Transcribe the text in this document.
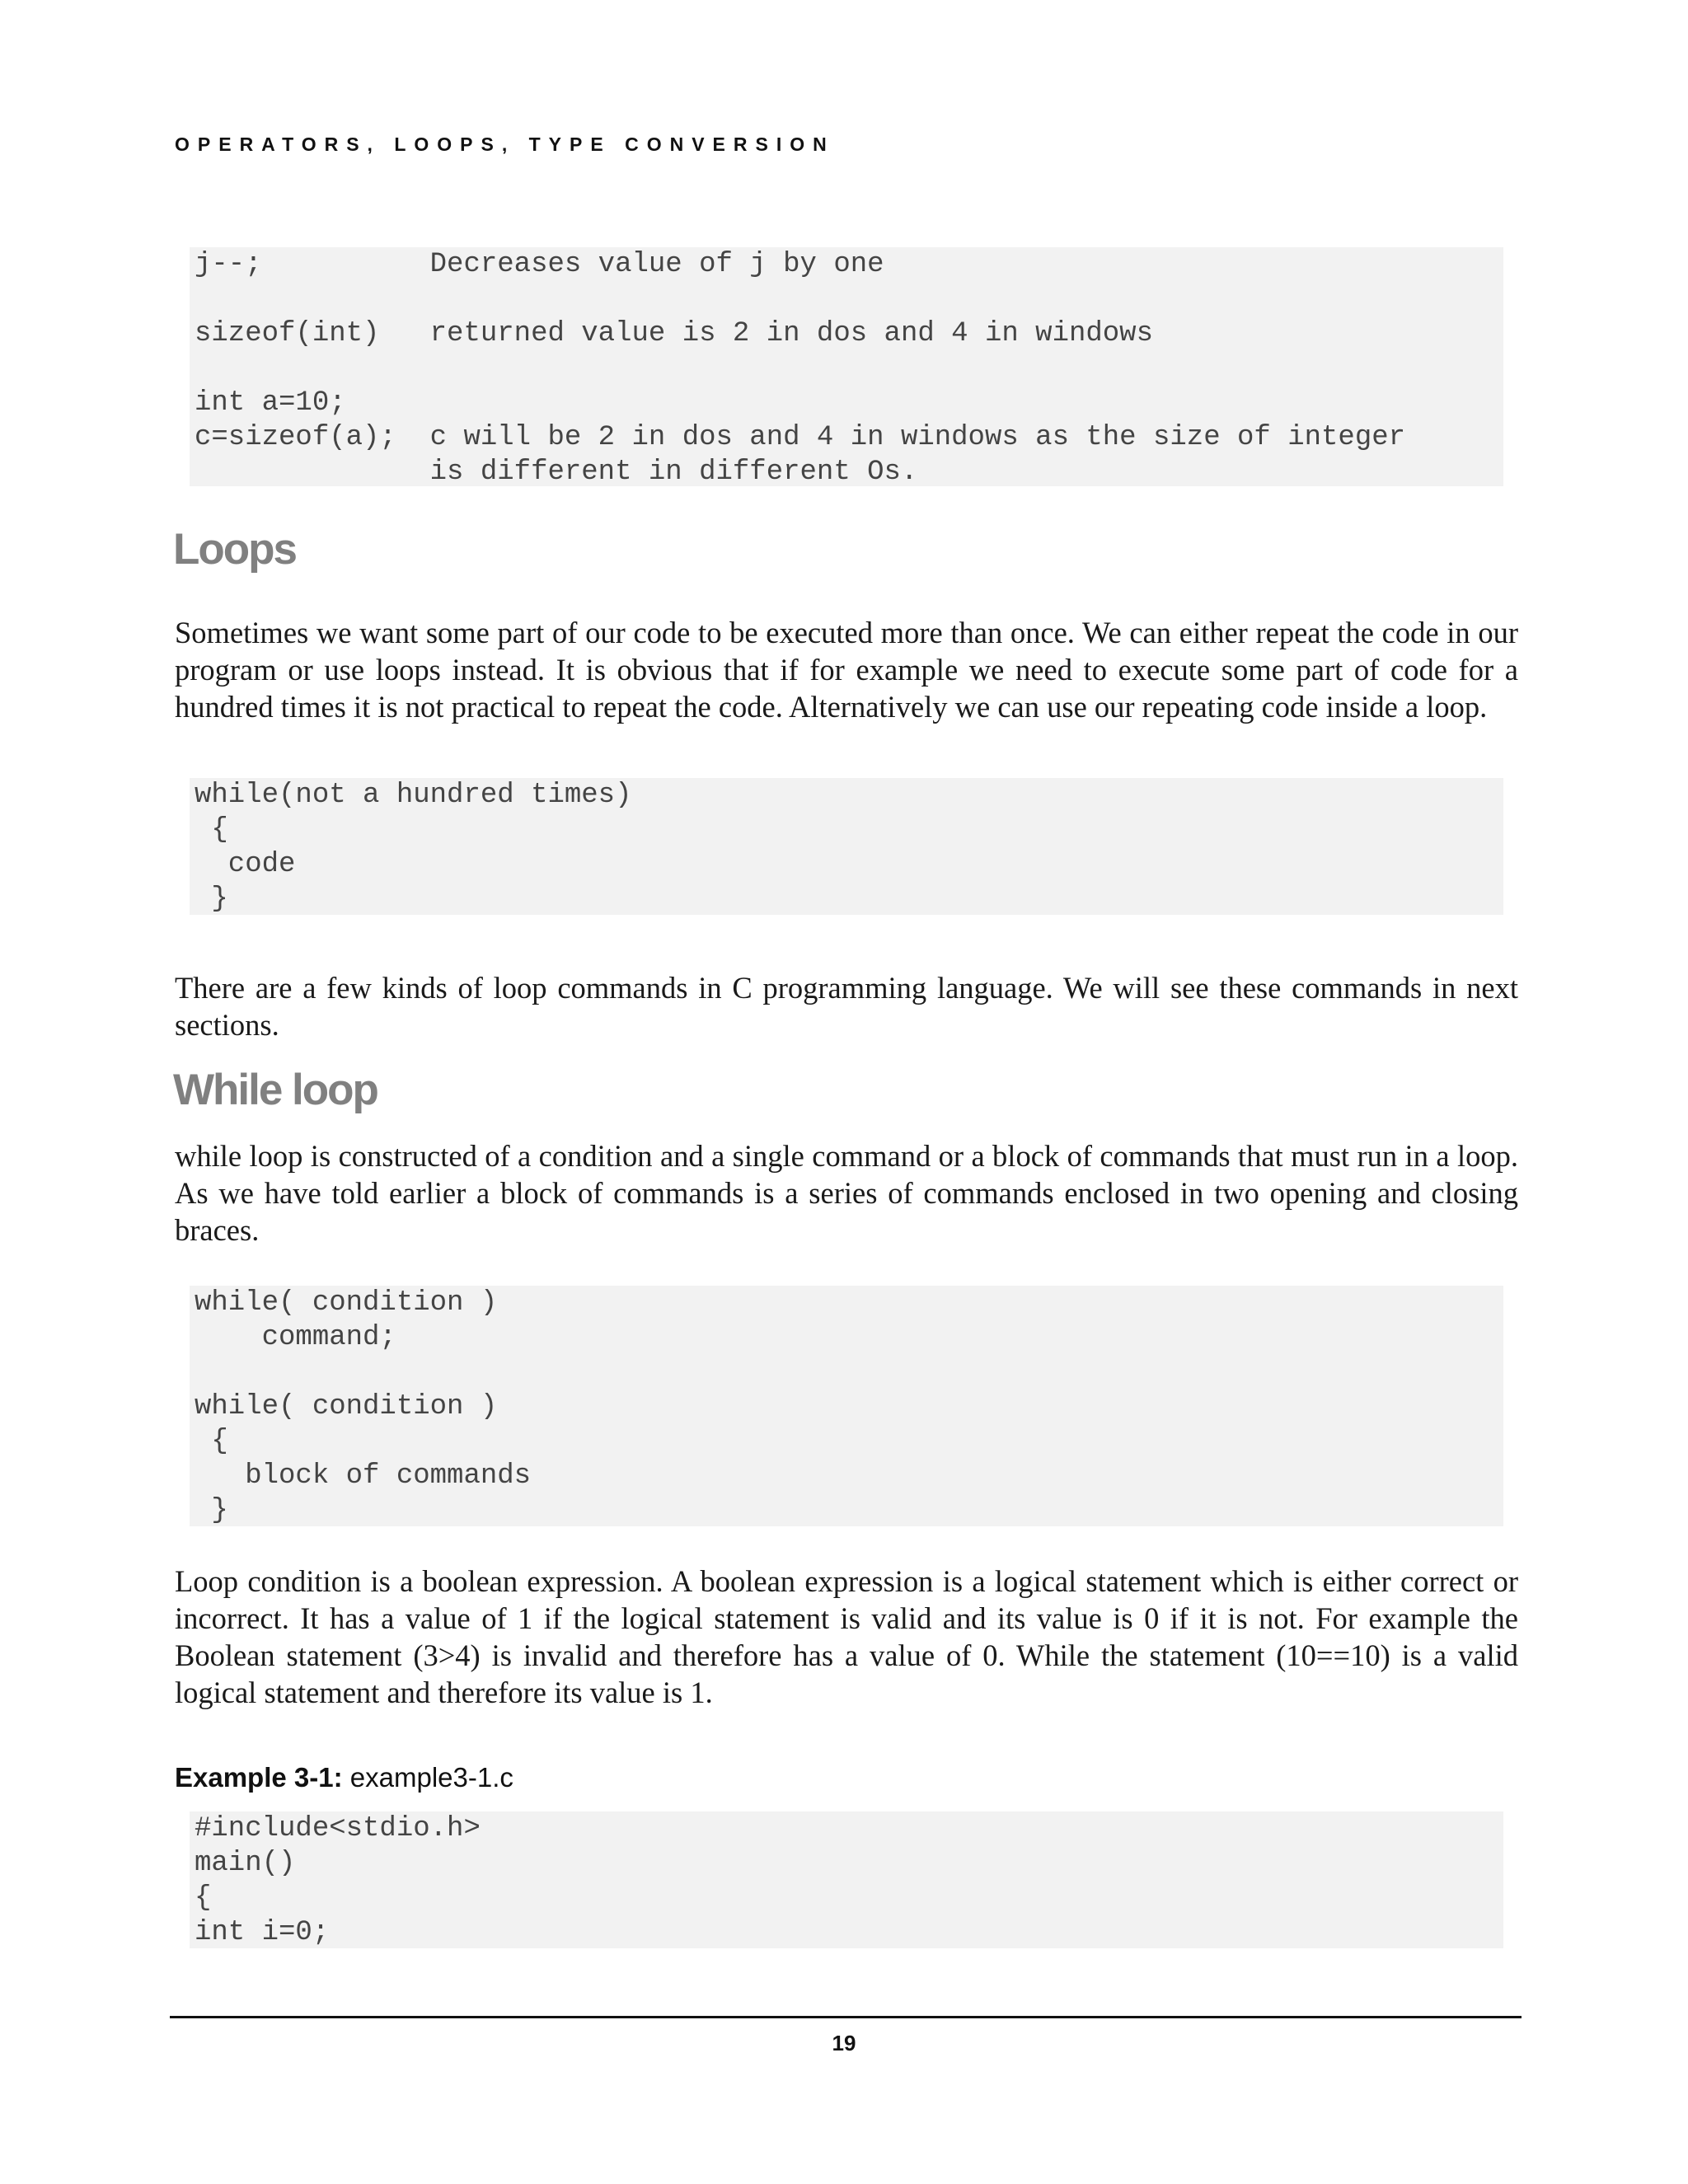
OPERATORS, LOOPS, TYPE CONVERSION
j--;          Decreases value of j by one

sizeof(int)   returned value is 2 in dos and 4 in windows

int a=10;
c=sizeof(a);  c will be 2 in dos and 4 in windows as the size of integer
is different in different Os.
Loops
Sometimes we want some part of our code to be executed more than once. We can either repeat the code in our program or use loops instead. It is obvious that if for example we need to execute some part of code for a hundred times it is not practical to repeat the code. Alternatively we can use our repeating code inside a loop.
while(not a hundred times)
{
code
}
There are a few kinds of loop commands in C programming language. We will see these commands in next sections.
While loop
while loop is constructed of a condition and a single command or a block of commands that must run in a loop. As we have told earlier a block of commands is a series of commands enclosed in two opening and closing braces.
while( condition )
command;

while( condition )
{
block of commands
}
Loop condition is a boolean expression. A boolean expression is a logical statement which is either correct or incorrect. It has a value of 1 if the logical statement is valid and its value is 0 if it is not. For example the Boolean statement (3>4) is invalid and therefore has a value of 0. While the statement (10==10) is a valid logical statement and therefore its value is 1.
Example 3-1: example3-1.c
#include<stdio.h>
main()
{
int i=0;
19
